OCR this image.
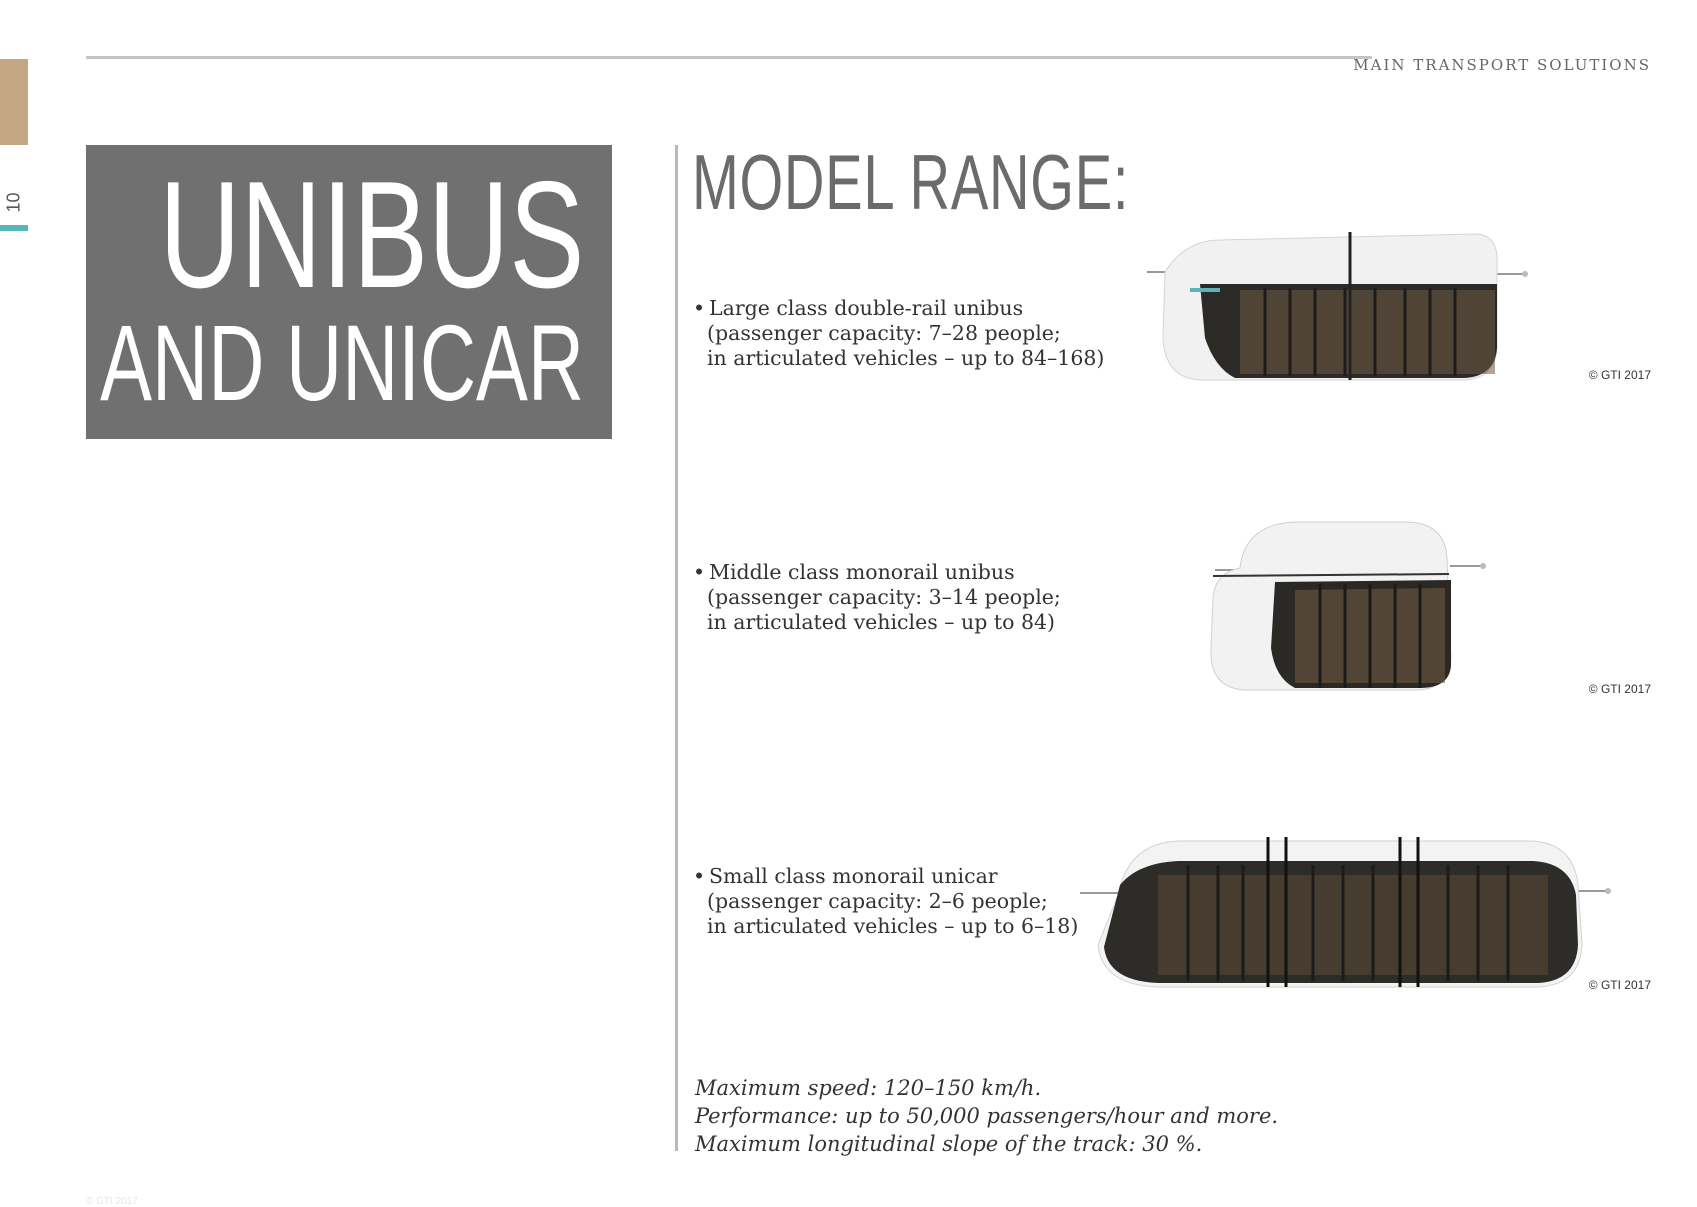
10
MAIN TRANSPORT SOLUTIONS
UNIBUS
AND UNICAR
MODEL RANGE:
• Large class double-rail unibus
(passenger capacity: 7–28 people;
in articulated vehicles – up to 84–168)
© GTI 2017
• Middle class monorail unibus
(passenger capacity: 3–14 people;
in articulated vehicles – up to 84)
© GTI 2017
• Small class monorail unicar
(passenger capacity: 2–6 people;
in articulated vehicles – up to 6–18)
© GTI 2017
Maximum speed: 120–150 km/h.
Performance: up to 50,000 passengers/hour and more.
Maximum longitudinal slope of the track: 30 %.
© GTI 2017
